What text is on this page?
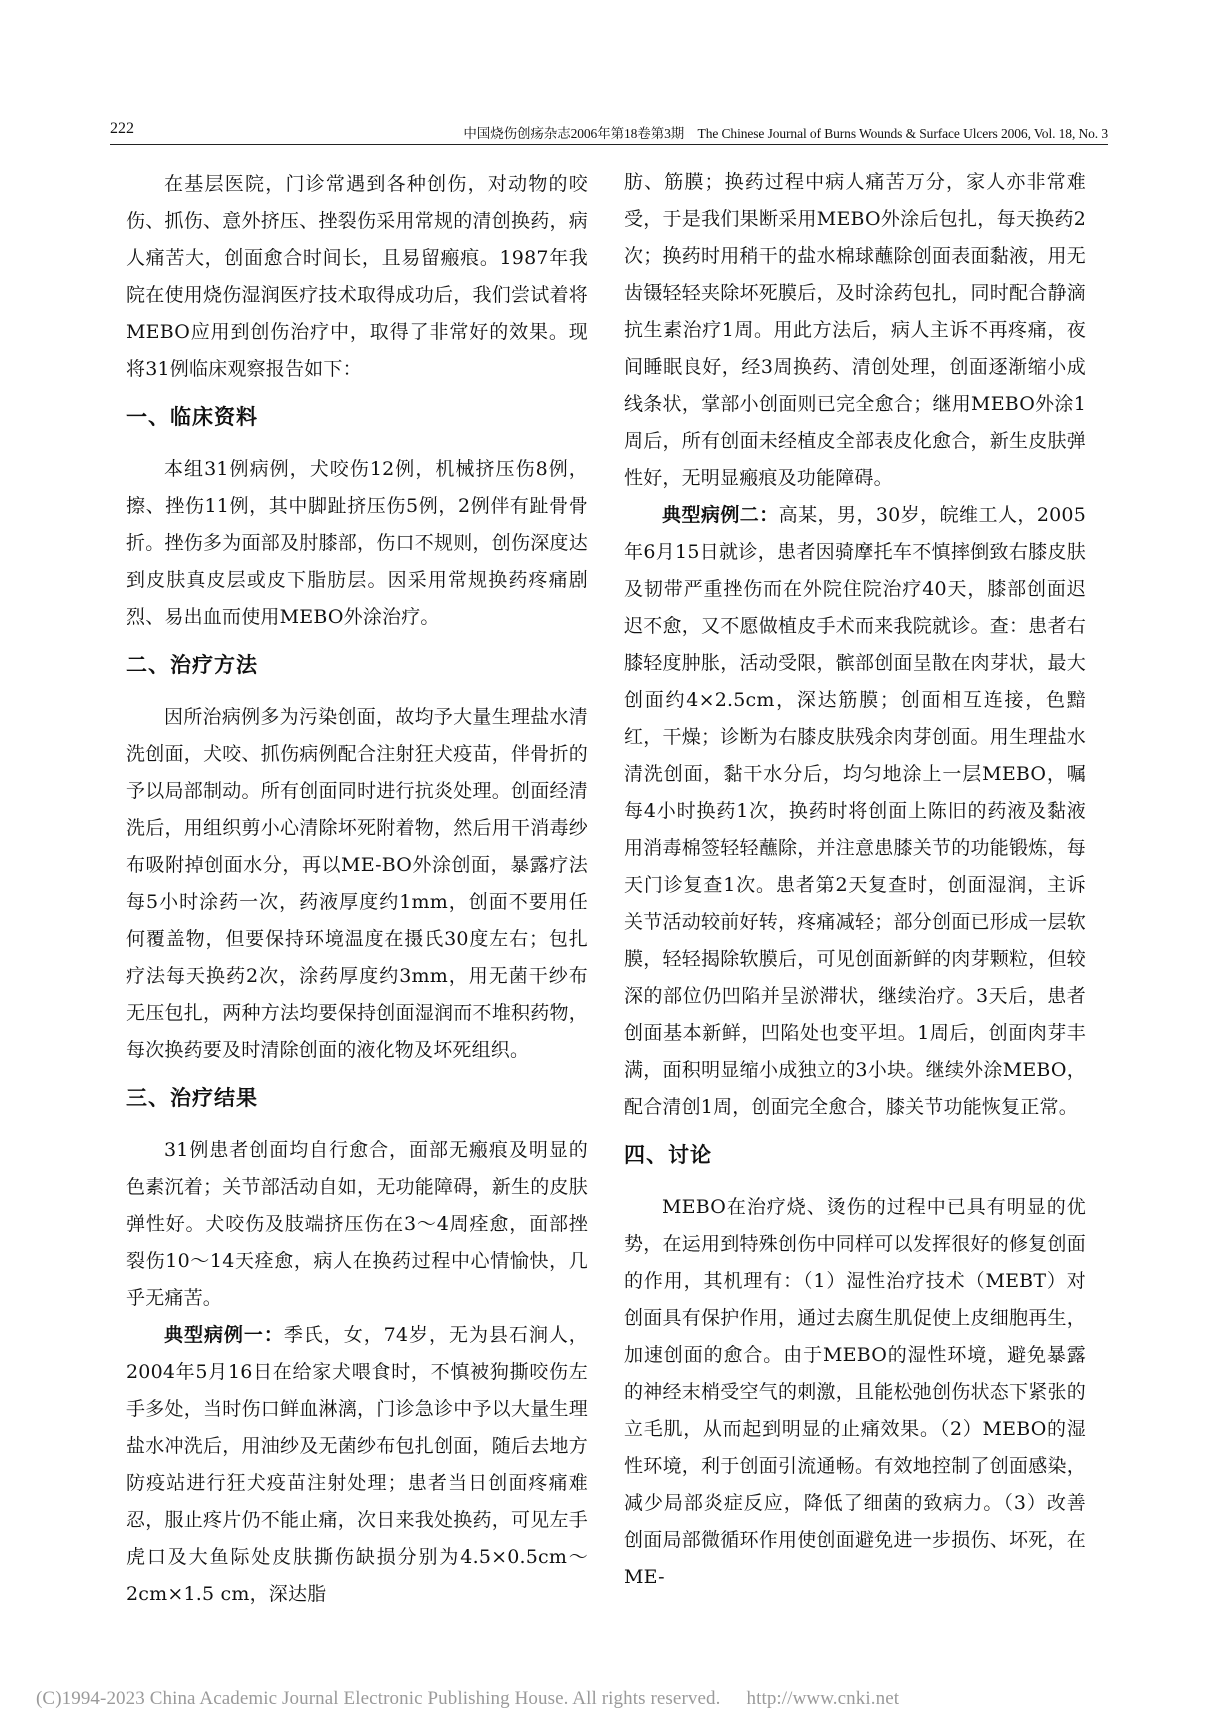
222	中国烧伤创疡杂志2006年第18卷第3期　The Chinese Journal of Burns Wounds & Surface Ulcers 2006, Vol. 18, No. 3

在基层医院，门诊常遇到各种创伤，对动物的咬伤、抓伤、意外挤压、挫裂伤采用常规的清创换药，病人痛苦大，创面愈合时间长，且易留瘢痕。1987年我院在使用烧伤湿润医疗技术取得成功后，我们尝试着将MEBO应用到创伤治疗中，取得了非常好的效果。现将31例临床观察报告如下：

一、临床资料

本组31例病例，犬咬伤12例，机械挤压伤8例，擦、挫伤11例，其中脚趾挤压伤5例，2例伴有趾骨骨折。挫伤多为面部及肘膝部，伤口不规则，创伤深度达到皮肤真皮层或皮下脂肪层。因采用常规换药疼痛剧烈、易出血而使用MEBO外涂治疗。

二、治疗方法

因所治病例多为污染创面，故均予大量生理盐水清洗创面，犬咬、抓伤病例配合注射狂犬疫苗，伴骨折的予以局部制动。所有创面同时进行抗炎处理。创面经清洗后，用组织剪小心清除坏死附着物，然后用干消毒纱布吸附掉创面水分，再以ME-BO外涂创面，暴露疗法每5小时涂药一次，药液厚度约1mm，创面不要用任何覆盖物，但要保持环境温度在摄氏30度左右；包扎疗法每天换药2次，涂药厚度约3mm，用无菌干纱布无压包扎，两种方法均要保持创面湿润而不堆积药物，每次换药要及时清除创面的液化物及坏死组织。

三、治疗结果

31例患者创面均自行愈合，面部无瘢痕及明显的色素沉着；关节部活动自如，无功能障碍，新生的皮肤弹性好。犬咬伤及肢端挤压伤在3～4周痊愈，面部挫裂伤10～14天痊愈，病人在换药过程中心情愉快，几乎无痛苦。

典型病例一：季氏，女，74岁，无为县石涧人，2004年5月16日在给家犬喂食时，不慎被狗撕咬伤左手多处，当时伤口鲜血淋漓，门诊急诊中予以大量生理盐水冲洗后，用油纱及无菌纱布包扎创面，随后去地方防疫站进行狂犬疫苗注射处理；患者当日创面疼痛难忍，服止疼片仍不能止痛，次日来我处换药，可见左手虎口及大鱼际处皮肤撕伤缺损分别为4.5×0.5cm～2cm×1.5 cm，深达脂

肪、筋膜；换药过程中病人痛苦万分，家人亦非常难受，于是我们果断采用MEBO外涂后包扎，每天换药2次；换药时用稍干的盐水棉球蘸除创面表面黏液，用无齿镊轻轻夹除坏死膜后，及时涂药包扎，同时配合静滴抗生素治疗1周。用此方法后，病人主诉不再疼痛，夜间睡眠良好，经3周换药、清创处理，创面逐渐缩小成线条状，掌部小创面则已完全愈合；继用MEBO外涂1周后，所有创面未经植皮全部表皮化愈合，新生皮肤弹性好，无明显瘢痕及功能障碍。

典型病例二：高某，男，30岁，皖维工人，2005年6月15日就诊，患者因骑摩托车不慎摔倒致右膝皮肤及韧带严重挫伤而在外院住院治疗40天，膝部创面迟迟不愈，又不愿做植皮手术而来我院就诊。查：患者右膝轻度肿胀，活动受限，髌部创面呈散在肉芽状，最大创面约4×2.5cm，深达筋膜；创面相互连接，色黯红，干燥；诊断为右膝皮肤残余肉芽创面。用生理盐水清洗创面，黏干水分后，均匀地涂上一层MEBO，嘱每4小时换药1次，换药时将创面上陈旧的药液及黏液用消毒棉签轻轻蘸除，并注意患膝关节的功能锻炼，每天门诊复查1次。患者第2天复查时，创面湿润，主诉关节活动较前好转，疼痛减轻；部分创面已形成一层软膜，轻轻揭除软膜后，可见创面新鲜的肉芽颗粒，但较深的部位仍凹陷并呈淤滞状，继续治疗。3天后，患者创面基本新鲜，凹陷处也变平坦。1周后，创面肉芽丰满，面积明显缩小成独立的3小块。继续外涂MEBO，配合清创1周，创面完全愈合，膝关节功能恢复正常。

四、讨论

MEBO在治疗烧、烫伤的过程中已具有明显的优势，在运用到特殊创伤中同样可以发挥很好的修复创面的作用，其机理有：（1）湿性治疗技术（MEBT）对创面具有保护作用，通过去腐生肌促使上皮细胞再生，加速创面的愈合。由于MEBO的湿性环境，避免暴露的神经末梢受空气的刺激，且能松弛创伤状态下紧张的立毛肌，从而起到明显的止痛效果。（2）MEBO的湿性环境，利于创面引流通畅。有效地控制了创面感染，减少局部炎症反应，降低了细菌的致病力。（3）改善创面局部微循环作用使创面避免进一步损伤、坏死，在ME-

(C)1994-2023 China Academic Journal Electronic Publishing House. All rights reserved. http://www.cnki.net
